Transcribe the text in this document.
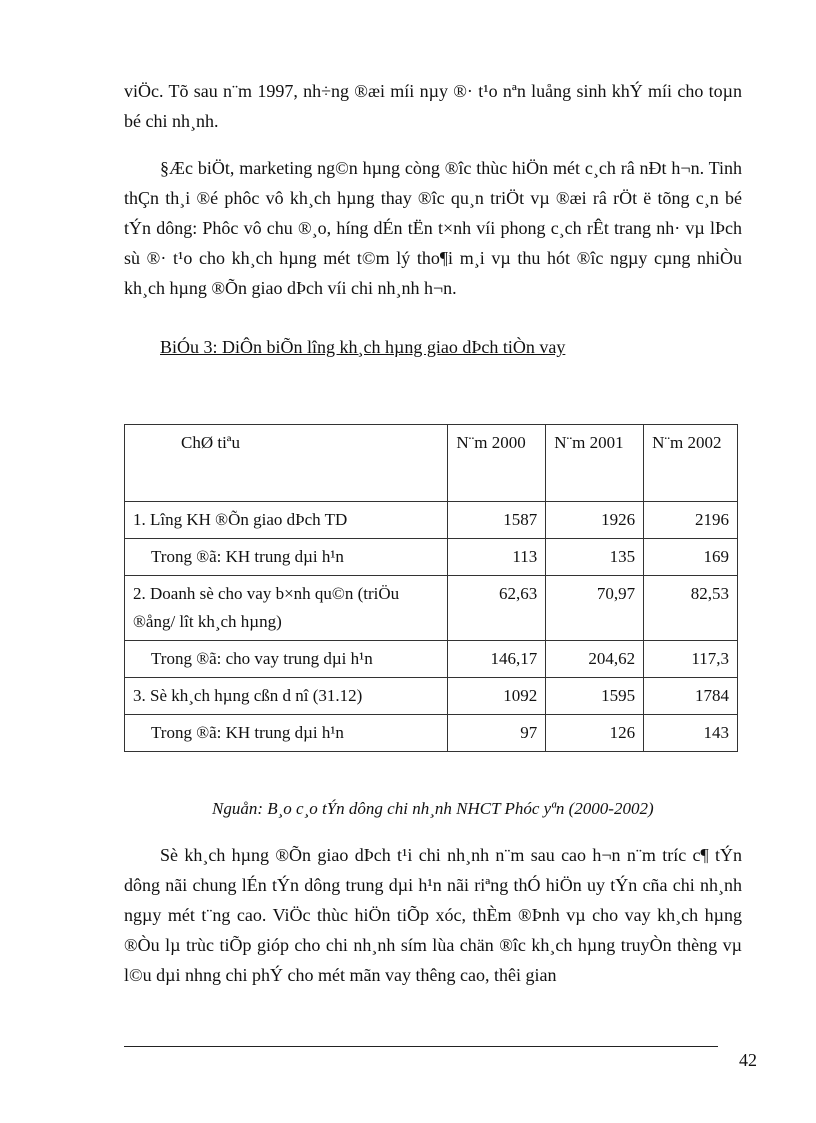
viÖc. Tõ sau n¨m 1997, nh÷ng ®æi míi nµy ®· t¹o nªn luång sinh khÝ míi cho toµn bé chi nh¸nh.

§Æc biÖt, marketing ng©n hµng còng ®îc thùc hiÖn mét c¸ch râ nÐt h¬n. Tinh thÇn th¸i ®é phôc vô kh¸ch hµng thay ®îc qu¸n triÖt vµ ®æi râ rÖt ë tõng c¸n bé tÝn dông: Phôc vô chu ®¸o, híng dÉn tËn t×nh víi phong c¸ch rÊt trang nh· vµ lÞch sù ®· t¹o cho kh¸ch hµng mét t©m lý tho¶i m¸i vµ thu hót ®îc ngµy cµng nhiÒu kh¸ch hµng ®Õn giao dÞch víi chi nh¸nh h¬n.

BiÓu 3: DiÔn biÕn lîng kh¸ch hµng giao dÞch tiÒn vay
ChØ tiªu	N¨m 2000	N¨m 2001	N¨m 2002
1. Lîng KH ®Õn giao dÞch TD	1587	1926	2196
Trong ®ã: KH trung dµi h¹n	113	135	169
2. Doanh sè cho vay b×nh qu©n (triÖu ®ång/ lît kh¸ch hµng)	62,63	70,97	82,53
Trong ®ã: cho vay trung dµi h¹n	146,17	204,62	117,3
3. Sè kh¸ch hµng cßn d nî (31.12)	1092	1595	1784
Trong ®ã: KH trung dµi h¹n	97	126	143
Nguån: B¸o c¸o tÝn dông chi nh¸nh NHCT Phóc yªn (2000-2002)

Sè kh¸ch hµng ®Õn giao dÞch t¹i chi nh¸nh n¨m sau cao h¬n n¨m tríc c¶ tÝn dông nãi chung lÉn tÝn dông trung dµi h¹n nãi riªng thÓ hiÖn uy tÝn cña chi nh¸nh ngµy mét t¨ng cao. ViÖc thùc hiÖn tiÕp xóc, thÈm ®Þnh vµ cho vay kh¸ch hµng ®Òu lµ trùc tiÕp gióp cho chi nh¸nh sím lùa chän ®îc kh¸ch hµng truyÒn thèng vµ l©u dµi nhng chi phÝ cho mét mãn vay thêng cao, thêi gian

42
